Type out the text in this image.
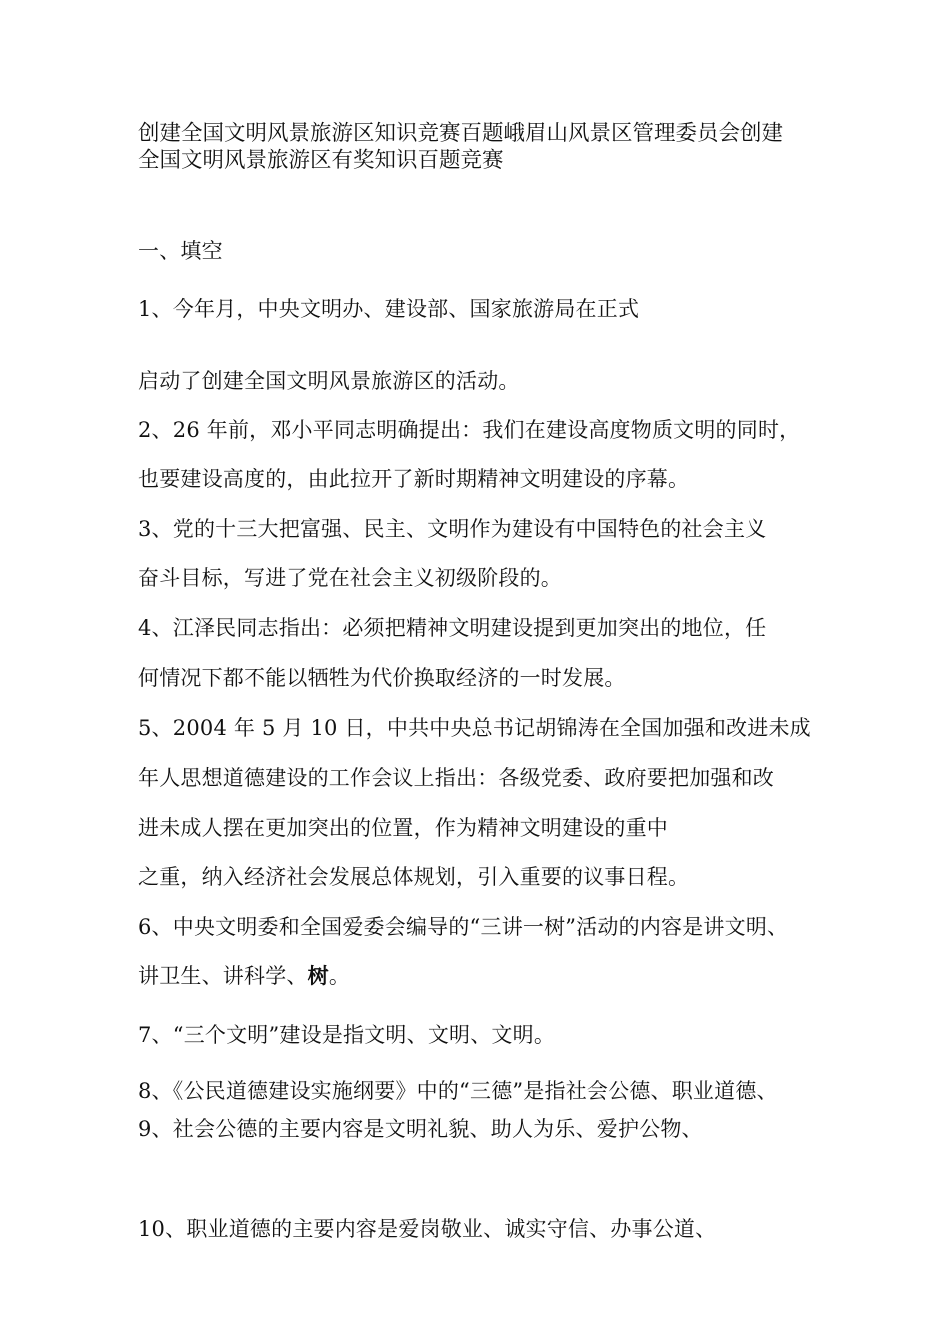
创建全国文明风景旅游区知识竞赛百题峨眉山风景区管理委员会创建
全国文明风景旅游区有奖知识百题竞赛
一、填空
1、今年月，中央文明办、建设部、国家旅游局在正式
启动了创建全国文明风景旅游区的活动。
2、26 年前，邓小平同志明确提出：我们在建设高度物质文明的同时，
也要建设高度的，由此拉开了新时期精神文明建设的序幕。
3、党的十三大把富强、民主、文明作为建设有中国特色的社会主义
奋斗目标，写进了党在社会主义初级阶段的。
4、江泽民同志指出：必须把精神文明建设提到更加突出的地位，任
何情况下都不能以牺牲为代价换取经济的一时发展。
5、2004 年 5 月 10 日，中共中央总书记胡锦涛在全国加强和改进未成
年人思想道德建设的工作会议上指出：各级党委、政府要把加强和改
进未成人摆在更加突出的位置，作为精神文明建设的重中
之重，纳入经济社会发展总体规划，引入重要的议事日程。
6、中央文明委和全国爱委会编导的“三讲一树”活动的内容是讲文明、
讲卫生、讲科学、树。
7、“三个文明”建设是指文明、文明、文明。
8、《公民道德建设实施纲要》中的“三德”是指社会公德、职业道德、
9、社会公德的主要内容是文明礼貌、助人为乐、爱护公物、
10、职业道德的主要内容是爱岗敬业、诚实守信、办事公道、
